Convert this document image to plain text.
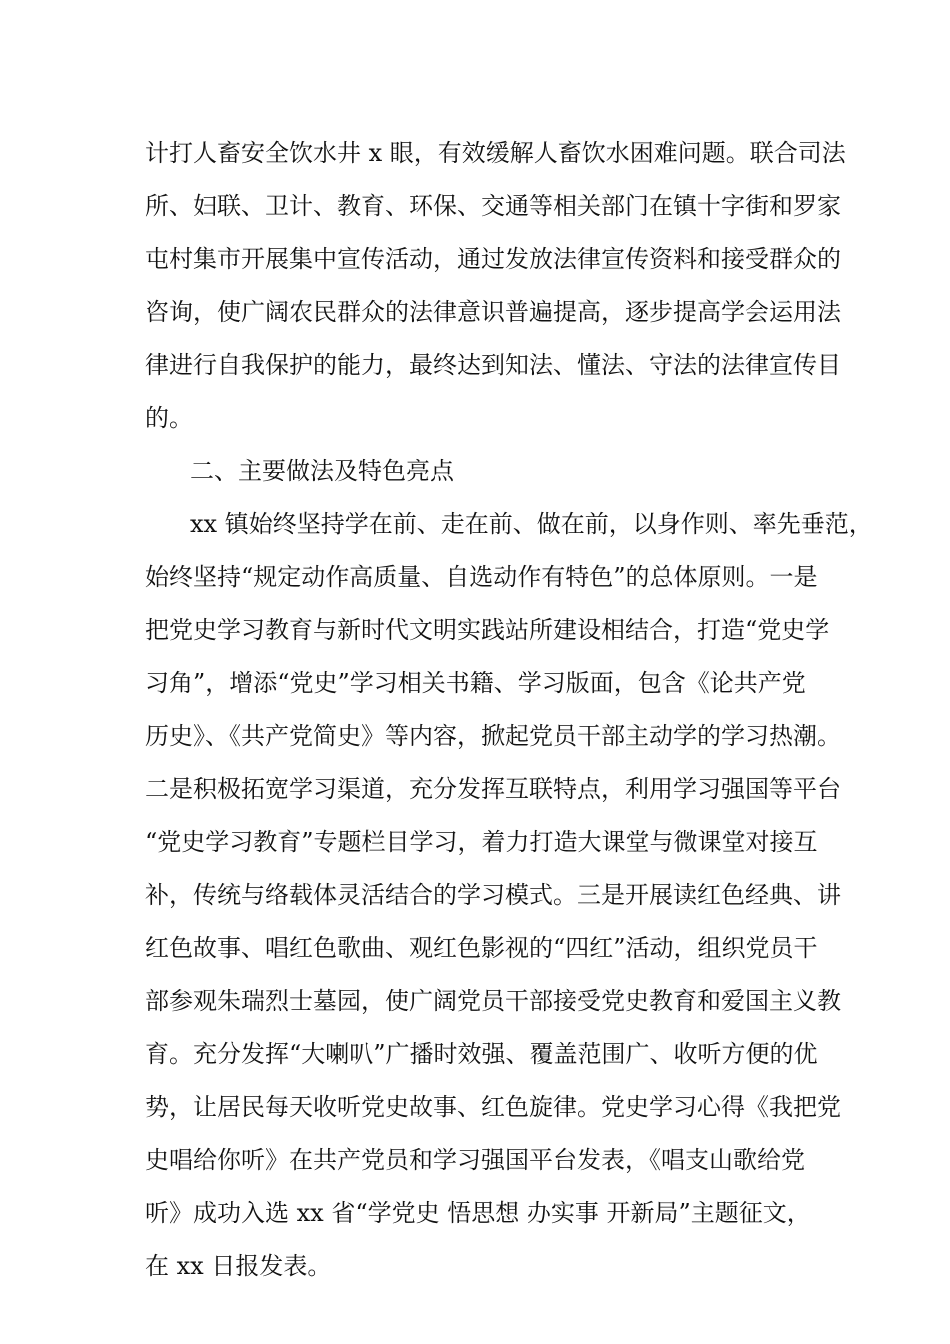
计打人畜安全饮水井 x 眼，有效缓解人畜饮水困难问题。联合司法
所、妇联、卫计、教育、环保、交通等相关部门在镇十字街和罗家
屯村集市开展集中宣传活动，通过发放法律宣传资料和接受群众的
咨询，使广阔农民群众的法律意识普遍提高，逐步提高学会运用法
律进行自我保护的能力，最终达到知法、懂法、守法的法律宣传目
的。
二、主要做法及特色亮点
xx 镇始终坚持学在前、走在前、做在前，以身作则、率先垂范，
始终坚持“规定动作高质量、自选动作有特色”的总体原则。一是
把党史学习教育与新时代文明实践站所建设相结合，打造“党史学
习角”，增添“党史”学习相关书籍、学习版面，包含《论共产党
历史》、《共产党简史》等内容，掀起党员干部主动学的学习热潮。
二是积极拓宽学习渠道，充分发挥互联特点，利用学习强国等平台
“党史学习教育”专题栏目学习，着力打造大课堂与微课堂对接互
补，传统与络载体灵活结合的学习模式。三是开展读红色经典、讲
红色故事、唱红色歌曲、观红色影视的“四红”活动，组织党员干
部参观朱瑞烈士墓园，使广阔党员干部接受党史教育和爱国主义教
育。充分发挥“大喇叭”广播时效强、覆盖范围广、收听方便的优
势，让居民每天收听党史故事、红色旋律。党史学习心得《我把党
史唱给你听》在共产党员和学习强国平台发表，《唱支山歌给党
听》成功入选 xx 省“学党史 悟思想 办实事 开新局”主题征文，
在 xx 日报发表。
